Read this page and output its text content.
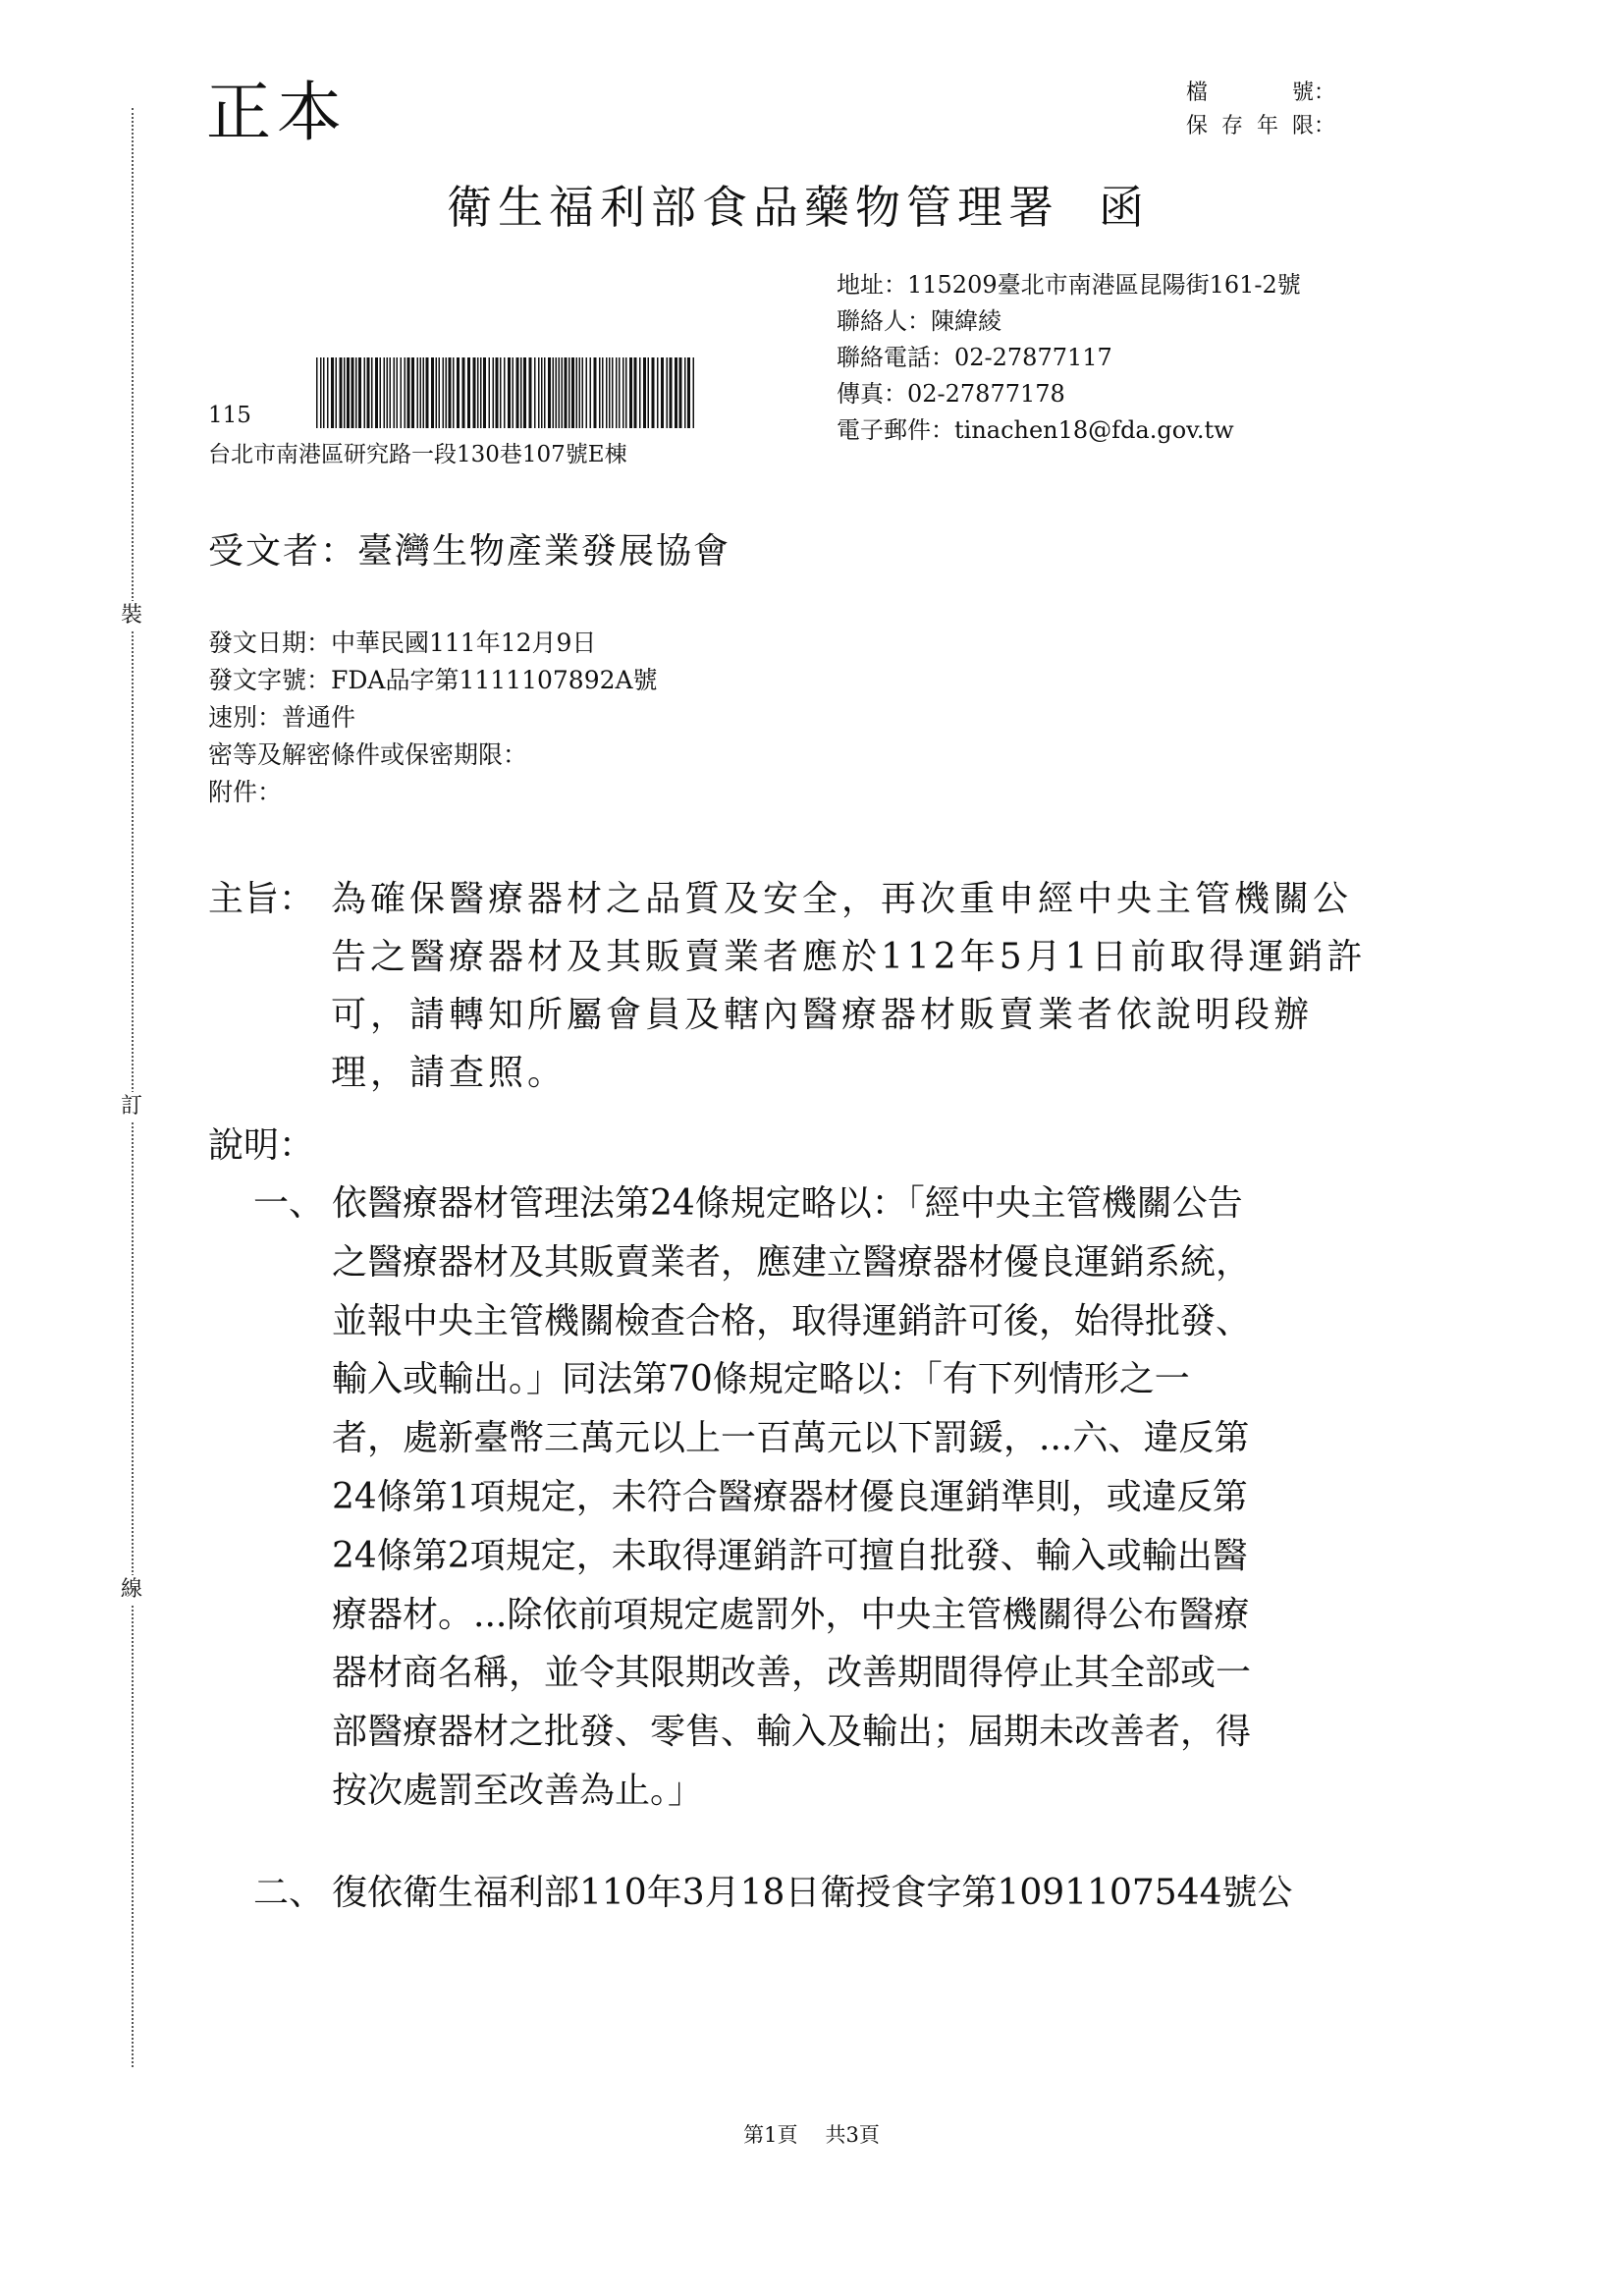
裝
訂
線
正本	檔號 ：
保存年限 ：
衛生福利部食品藥物管理署 函
地址：115209臺北市南港區昆陽街161-2號
聯絡人：陳緯綾
聯絡電話：02-27877117
傳真：02-27877178
電子郵件：tinachen18@fda.gov.tw
115
台北市南港區研究路一段130巷107號E棟
受文者：臺灣生物產業發展協會
發文日期：中華民國111年12月9日
發文字號：FDA品字第1111107892A號
速別：普通件
密等及解密條件或保密期限：
附件：
主旨： 為確保醫療器材之品質及安全，再次重申經中央主管機關公
告之醫療器材及其販賣業者應於112年5月1日前取得運銷許
可，請轉知所屬會員及轄內醫療器材販賣業者依說明段辦
理，請查照。
說明：
一、 依醫療器材管理法第24條規定略以：「經中央主管機關公告
之醫療器材及其販賣業者，應建立醫療器材優良運銷系統，
並報中央主管機關檢查合格，取得運銷許可後，始得批發、
輸入或輸出。」同法第70條規定略以：「有下列情形之一
者，處新臺幣三萬元以上一百萬元以下罰鍰，...六、違反第
24條第1項規定，未符合醫療器材優良運銷準則，或違反第
24條第2項規定，未取得運銷許可擅自批發、輸入或輸出醫
療器材。...除依前項規定處罰外，中央主管機關得公布醫療
器材商名稱，並令其限期改善，改善期間得停止其全部或一
部醫療器材之批發、零售、輸入及輸出；屆期未改善者，得
按次處罰至改善為止。」
二、 復依衛生福利部110年3月18日衛授食字第1091107544號公
第1頁 共3頁
